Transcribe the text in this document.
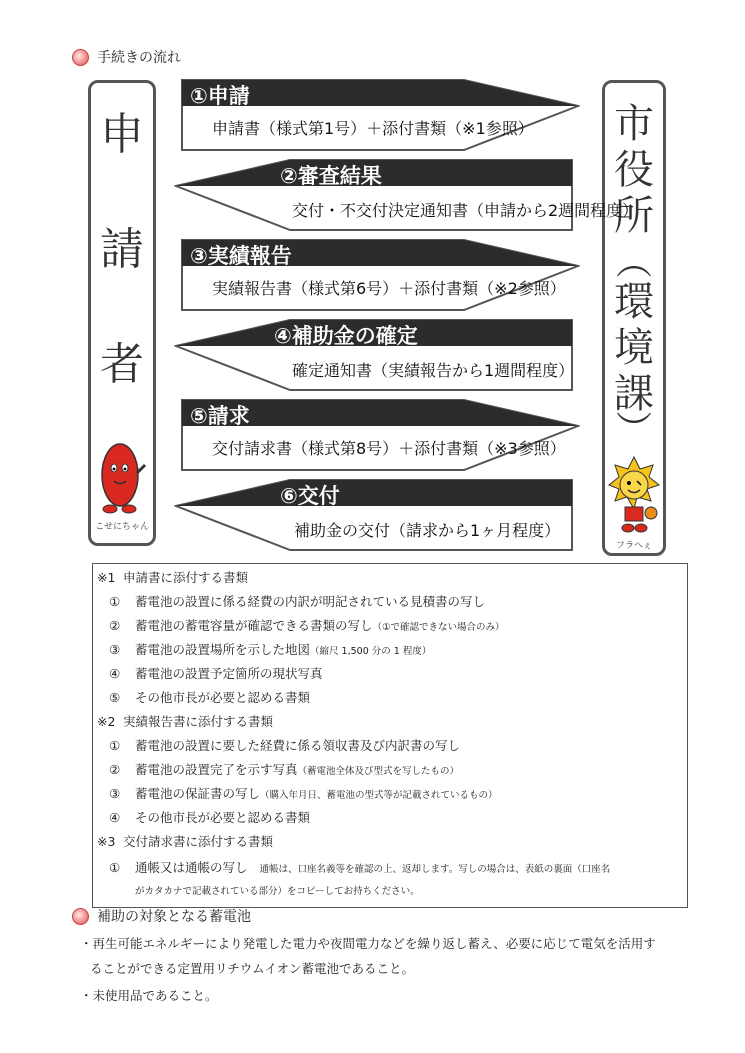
手続きの流れ
申
請
者
こせにちゃん
市
役
所
︵
環
境
課
︶
フラへぇ
①申請
申請書（様式第1号）＋添付書類（※1参照）
②審査結果
交付・不交付決定通知書（申請から2週間程度）
③実績報告
実績報告書（様式第6号）＋添付書類（※2参照）
④補助金の確定
確定通知書（実績報告から1週間程度）
⑤請求
交付請求書（様式第8号）＋添付書類（※3参照）
⑥交付
補助金の交付（請求から1ヶ月程度）
※1 申請書に添付する書類
① 蓄電池の設置に係る経費の内訳が明記されている見積書の写し
② 蓄電池の蓄電容量が確認できる書類の写し（①で確認できない場合のみ）
③ 蓄電池の設置場所を示した地図（縮尺 1,500 分の 1 程度）
④ 蓄電池の設置予定箇所の現状写真
⑤ その他市長が必要と認める書類
※2 実績報告書に添付する書類
① 蓄電池の設置に要した経費に係る領収書及び内訳書の写し
② 蓄電池の設置完了を示す写真（蓄電池全体及び型式を写したもの）
③ 蓄電池の保証書の写し（購入年月日、蓄電池の型式等が記載されているもの）
④ その他市長が必要と認める書類
※3 交付請求書に添付する書類
① 通帳又は通帳の写し 通帳は、口座名義等を確認の上、返却します。写しの場合は、表紙の裏面（口座名
がカタカナで記載されている部分）をコピーしてお持ちください。
補助の対象となる蓄電池
・再生可能エネルギーにより発電した電力や夜間電力などを繰り返し蓄え、必要に応じて電気を活用す
ることができる定置用リチウムイオン蓄電池であること。
・未使用品であること。
